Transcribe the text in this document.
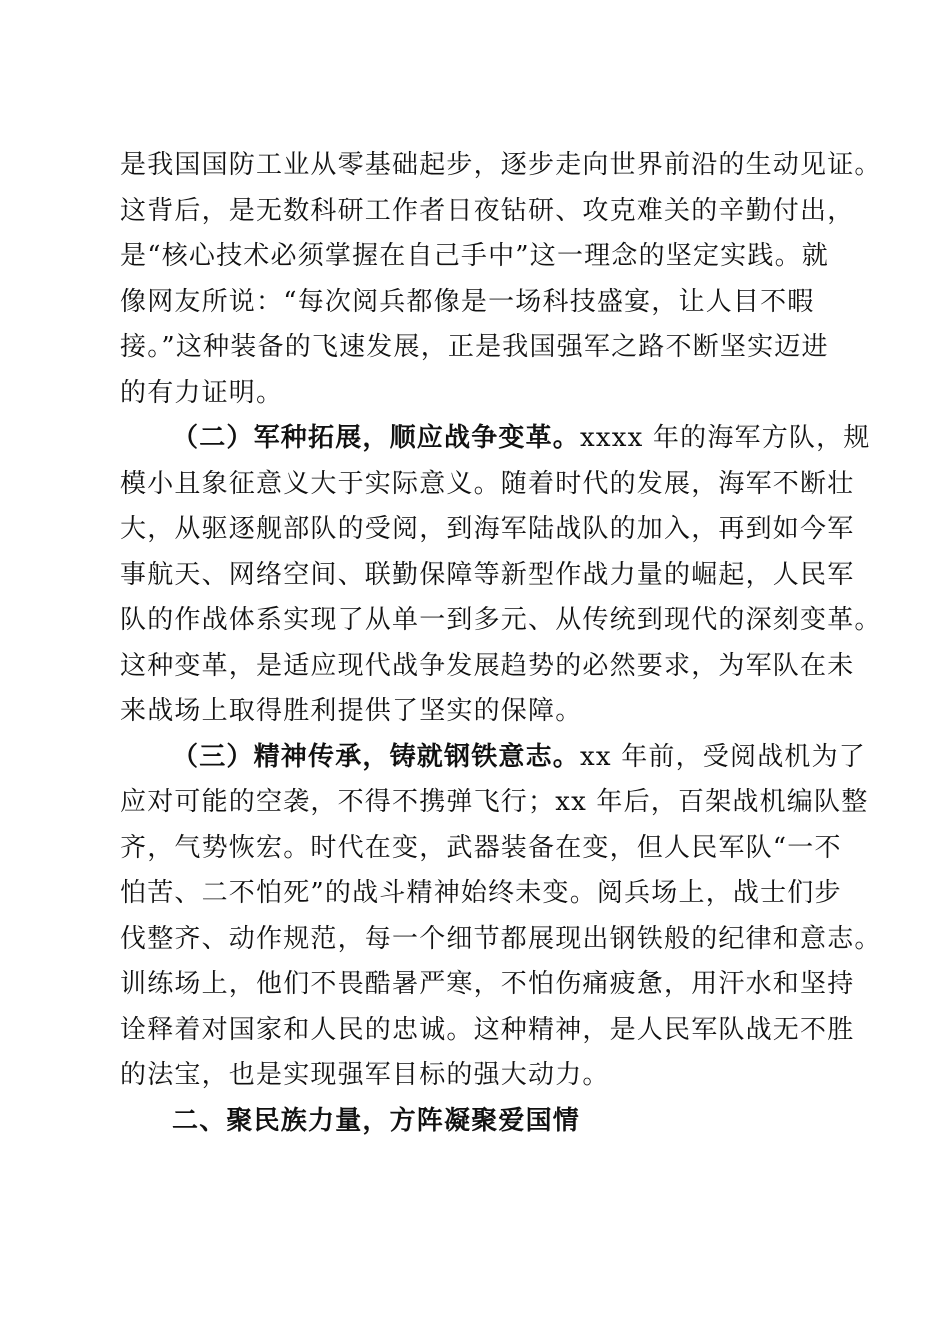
是我国国防工业从零基础起步，逐步走向世界前沿的生动见证。
这背后，是无数科研工作者日夜钻研、攻克难关的辛勤付出，
是“核心技术必须掌握在自己手中”这一理念的坚定实践。就
像网友所说：“每次阅兵都像是一场科技盛宴，让人目不暇
接。”这种装备的飞速发展，正是我国强军之路不断坚实迈进
的有力证明。
（二）军种拓展，顺应战争变革。xxxx 年的海军方队，规
模小且象征意义大于实际意义。随着时代的发展，海军不断壮
大，从驱逐舰部队的受阅，到海军陆战队的加入，再到如今军
事航天、网络空间、联勤保障等新型作战力量的崛起，人民军
队的作战体系实现了从单一到多元、从传统到现代的深刻变革。
这种变革，是适应现代战争发展趋势的必然要求，为军队在未
来战场上取得胜利提供了坚实的保障。
（三）精神传承，铸就钢铁意志。xx 年前，受阅战机为了
应对可能的空袭，不得不携弹飞行；xx 年后，百架战机编队整
齐，气势恢宏。时代在变，武器装备在变，但人民军队“一不
怕苦、二不怕死”的战斗精神始终未变。阅兵场上，战士们步
伐整齐、动作规范，每一个细节都展现出钢铁般的纪律和意志。
训练场上，他们不畏酷暑严寒，不怕伤痛疲惫，用汗水和坚持
诠释着对国家和人民的忠诚。这种精神，是人民军队战无不胜
的法宝，也是实现强军目标的强大动力。
二、聚民族力量，方阵凝聚爱国情
